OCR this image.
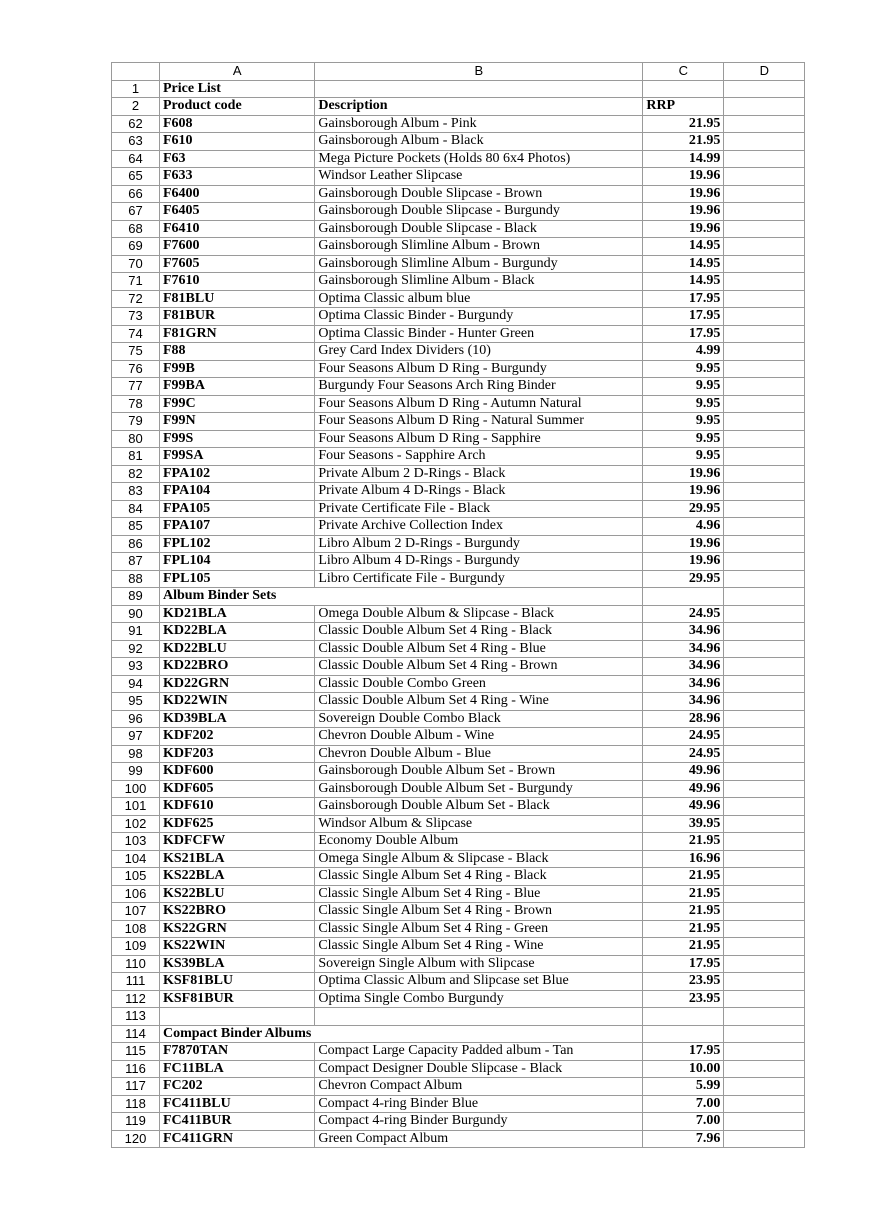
	A	B	C	D
1	Price List			
2	Product code	Description	RRP	
62	F608	Gainsborough Album - Pink	21.95	
63	F610	Gainsborough Album - Black	21.95	
64	F63	Mega Picture Pockets (Holds 80 6x4 Photos)	14.99	
65	F633	Windsor Leather Slipcase	19.96	
66	F6400	Gainsborough Double Slipcase - Brown	19.96	
67	F6405	Gainsborough Double Slipcase - Burgundy	19.96	
68	F6410	Gainsborough Double Slipcase - Black	19.96	
69	F7600	Gainsborough Slimline Album - Brown	14.95	
70	F7605	Gainsborough Slimline Album - Burgundy	14.95	
71	F7610	Gainsborough Slimline Album - Black	14.95	
72	F81BLU	Optima Classic album blue	17.95	
73	F81BUR	Optima Classic Binder - Burgundy	17.95	
74	F81GRN	Optima Classic Binder - Hunter Green	17.95	
75	F88	Grey Card Index Dividers (10)	4.99	
76	F99B	Four Seasons Album D Ring - Burgundy	9.95	
77	F99BA	Burgundy Four Seasons Arch Ring Binder	9.95	
78	F99C	Four Seasons Album D Ring - Autumn Natural	9.95	
79	F99N	Four Seasons Album D Ring - Natural Summer	9.95	
80	F99S	Four Seasons Album D Ring - Sapphire	9.95	
81	F99SA	Four Seasons - Sapphire Arch	9.95	
82	FPA102	Private Album 2 D-Rings - Black	19.96	
83	FPA104	Private Album 4 D-Rings - Black	19.96	
84	FPA105	Private Certificate File - Black	29.95	
85	FPA107	Private Archive Collection Index	4.96	
86	FPL102	Libro Album 2 D-Rings - Burgundy	19.96	
87	FPL104	Libro Album 4 D-Rings - Burgundy	19.96	
88	FPL105	Libro Certificate File - Burgundy	29.95	
89	Album Binder Sets			
90	KD21BLA	Omega Double Album & Slipcase - Black	24.95	
91	KD22BLA	Classic Double Album Set 4 Ring - Black	34.96	
92	KD22BLU	Classic Double Album Set 4 Ring - Blue	34.96	
93	KD22BRO	Classic Double Album Set 4 Ring - Brown	34.96	
94	KD22GRN	Classic Double Combo Green	34.96	
95	KD22WIN	Classic Double Album Set 4 Ring - Wine	34.96	
96	KD39BLA	Sovereign Double Combo Black	28.96	
97	KDF202	Chevron Double Album - Wine	24.95	
98	KDF203	Chevron Double Album - Blue	24.95	
99	KDF600	Gainsborough Double Album Set - Brown	49.96	
100	KDF605	Gainsborough Double Album Set - Burgundy	49.96	
101	KDF610	Gainsborough Double Album Set - Black	49.96	
102	KDF625	Windsor Album & Slipcase	39.95	
103	KDFCFW	Economy Double Album	21.95	
104	KS21BLA	Omega Single Album & Slipcase - Black	16.96	
105	KS22BLA	Classic Single Album Set 4 Ring - Black	21.95	
106	KS22BLU	Classic Single Album Set 4 Ring - Blue	21.95	
107	KS22BRO	Classic Single Album Set 4 Ring - Brown	21.95	
108	KS22GRN	Classic Single Album Set 4 Ring - Green	21.95	
109	KS22WIN	Classic Single Album Set 4 Ring - Wine	21.95	
110	KS39BLA	Sovereign Single Album with Slipcase	17.95	
111	KSF81BLU	Optima Classic Album and Slipcase set Blue	23.95	
112	KSF81BUR	Optima Single Combo Burgundy	23.95	
113				
114	Compact Binder Albums			
115	F7870TAN	Compact Large Capacity Padded album - Tan	17.95	
116	FC11BLA	Compact Designer Double Slipcase - Black	10.00	
117	FC202	Chevron Compact Album	5.99	
118	FC411BLU	Compact 4-ring Binder Blue	7.00	
119	FC411BUR	Compact 4-ring Binder Burgundy	7.00	
120	FC411GRN	Green Compact Album	7.96	
